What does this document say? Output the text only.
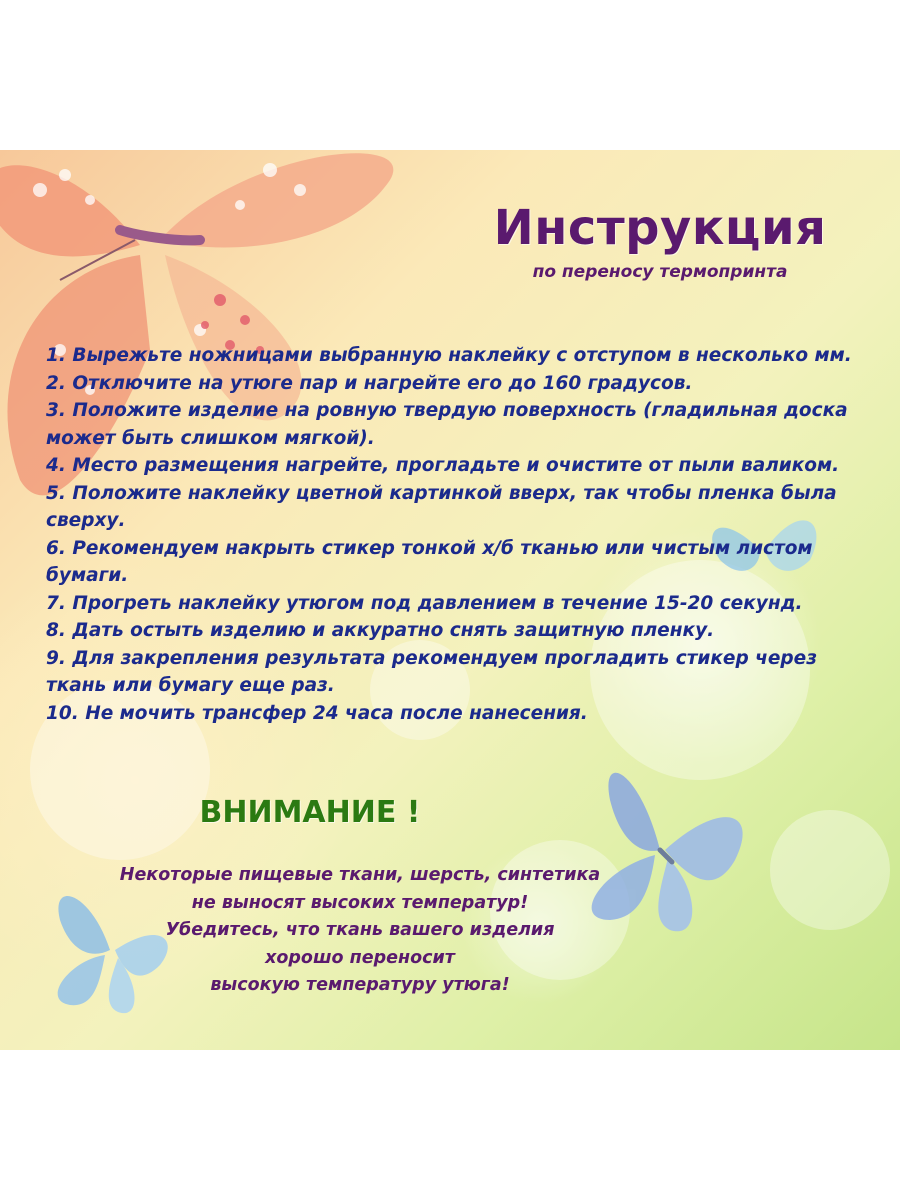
Инструкция
по переносу термопринта

1. Вырежьте ножницами выбранную наклейку с отступом в несколько мм.

2. Отключите на утюге пар и нагрейте его до 160 градусов.

3. Положите изделие на ровную твердую поверхность (гладильная доска может быть слишком мягкой).

4. Место размещения нагрейте, прогладьте и очистите от пыли валиком.

5. Положите наклейку цветной картинкой вверх, так чтобы пленка была сверху.

6. Рекомендуем накрыть стикер тонкой х/б тканью или чистым листом бумаги.

7. Прогреть наклейку утюгом под давлением в течение 15-20 секунд.

8. Дать остыть изделию и аккуратно снять защитную пленку.

9. Для закрепления результата рекомендуем прогладить стикер через ткань или бумагу еще раз.

10. Не мочить трансфер 24 часа после нанесения.

ВНИМАНИЕ !

Некоторые пищевые ткани, шерсть, синтетика

не выносят высоких температур!

Убедитесь, что ткань вашего изделия

хорошо переносит

высокую температуру утюга!
